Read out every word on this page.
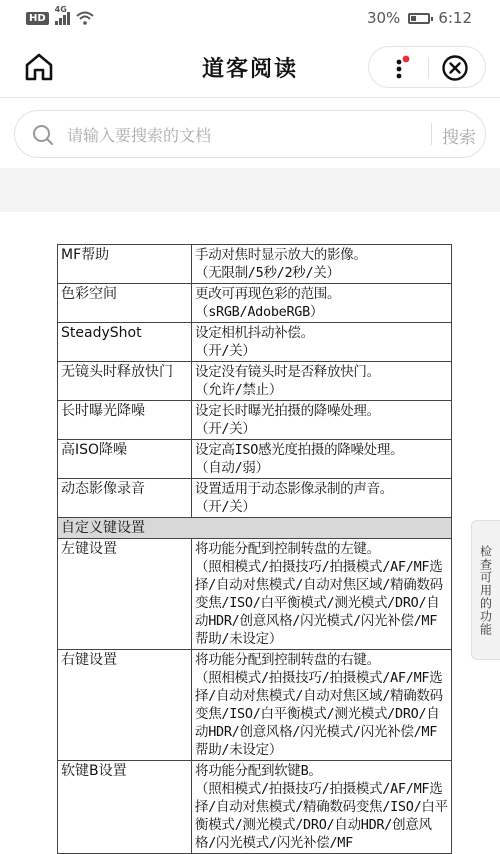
HD
4G	30%	6:12
道客阅读
请输入要搜索的文档
搜索
MF帮助	手动对焦时显示放大的影像。
（无限制/5秒/2秒/关）
色彩空间	更改可再现色彩的范围。
（sRGB/AdobeRGB）
SteadyShot	设定相机抖动补偿。
（开/关）
无镜头时释放快门	设定没有镜头时是否释放快门。
（允许/禁止）
长时曝光降噪	设定长时曝光拍摄的降噪处理。
（开/关）
高ISO降噪	设定高ISO感光度拍摄的降噪处理。
（自动/弱）
动态影像录音	设置适用于动态影像录制的声音。
（开/关）
自定义键设置	
左键设置	将功能分配到控制转盘的左键。
（照相模式/拍摄技巧/拍摄模式/AF/MF选择/自动对焦模式/自动对焦区域/精确数码变焦/ISO/白平衡模式/测光模式/DRO/自动HDR/创意风格/闪光模式/闪光补偿/MF帮助/未设定）
右键设置	将功能分配到控制转盘的右键。
（照相模式/拍摄技巧/拍摄模式/AF/MF选择/自动对焦模式/自动对焦区域/精确数码变焦/ISO/白平衡模式/测光模式/DRO/自动HDR/创意风格/闪光模式/闪光补偿/MF帮助/未设定）
软键B设置	将功能分配到软键B。
（照相模式/拍摄技巧/拍摄模式/AF/MF选择/自动对焦模式/精确数码变焦/ISO/白平衡模式/测光模式/DRO/自动HDR/创意风格/闪光模式/闪光补偿/MF
检查可用的功能
